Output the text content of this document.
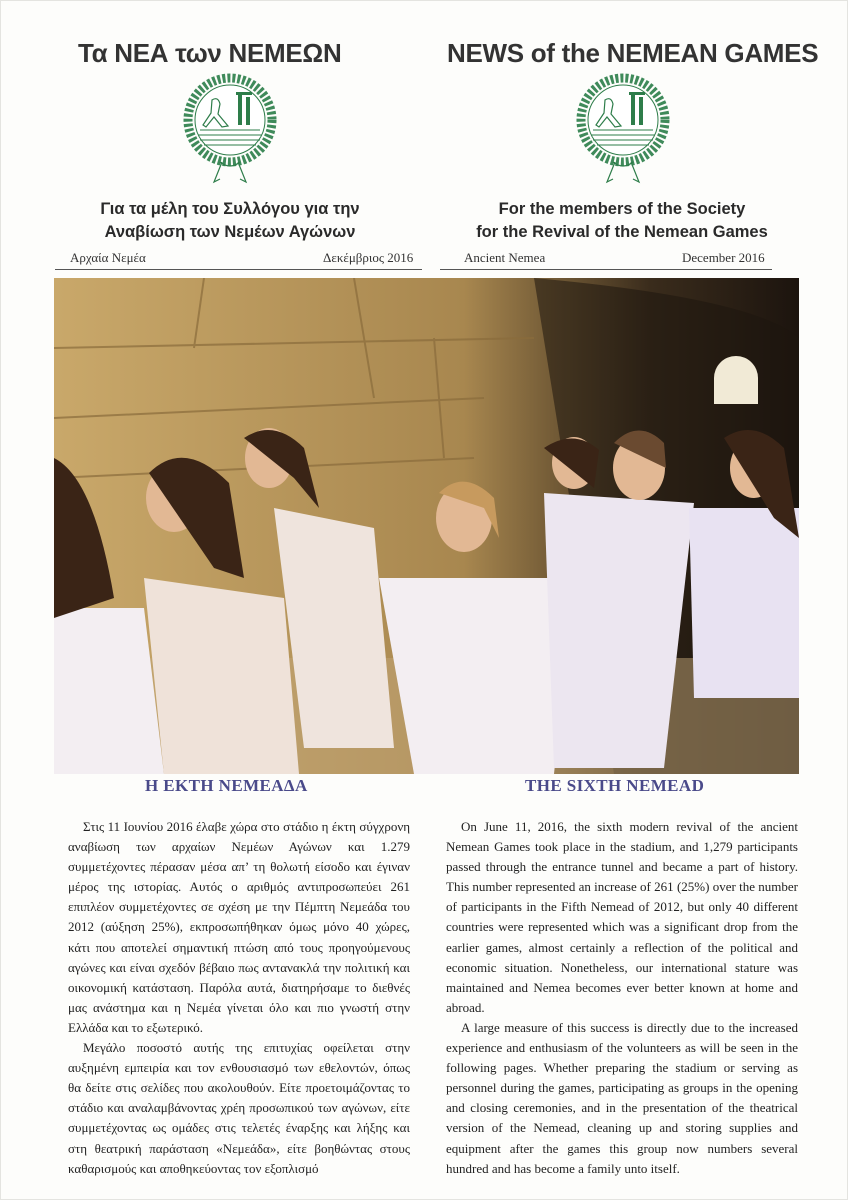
Τα ΝΕΑ των ΝΕΜΕΩΝ	NEWS of the NEMEAN GAMES
Για τα μέλη του Συλλόγου για την
Αναβίωση των Νεμέων Αγώνων
For the members of the Society
for the Revival of the Nemean Games
Αρχαία Νεμέα	Δεκέμβριος 2016	Ancient Nemea	December 2016
Η ΕΚΤΗ ΝΕΜΕΑΔΑ	THE SIXTH NEMEAD

Στις 11 Ιουνίου 2016 έλαβε χώρα στο στάδιο η έκτη σύγχρονη αναβίωση των αρχαίων Νεμέων Αγώνων και 1.279 συμμετέχοντες πέρασαν μέσα απ’ τη θολωτή είσοδο και έγιναν μέρος της ιστορίας. Αυτός ο αριθμός αντιπροσωπεύει 261 επιπλέον συμμετέχοντες σε σχέση με την Πέμπτη Νεμεάδα του 2012 (αύξηση 25%), εκπροσωπήθηκαν όμως μόνο 40 χώρες, κάτι που αποτελεί σημαντική πτώση από τους προηγούμενους αγώνες και είναι σχεδόν βέβαιο πως αντανακλά την πολιτική και οικονομική κατάσταση. Παρόλα αυτά, διατηρήσαμε το διεθνές μας ανάστημα και η Νεμέα γίνεται όλο και πιο γνωστή στην Ελλάδα και το εξωτερικό.

Μεγάλο ποσοστό αυτής της επιτυχίας οφείλεται στην αυξημένη εμπειρία και τον ενθουσιασμό των εθελοντών, όπως θα δείτε στις σελίδες που ακολουθούν. Είτε προετοιμάζοντας το στάδιο και αναλαμβάνοντας χρέη προσωπικού των αγώνων, είτε συμμετέχοντας ως ομάδες στις τελετές έναρξης και λήξης και στη θεατρική παράσταση «Νεμεάδα», είτε βοηθώντας στους καθαρισμούς και αποθηκεύοντας τον εξοπλισμό

On June 11, 2016, the sixth modern revival of the ancient Nemean Games took place in the stadium, and 1,279 participants passed through the entrance tunnel and became a part of history. This number represented an increase of 261 (25%) over the number of participants in the Fifth Nemead of 2012, but only 40 different countries were represented which was a significant drop from the earlier games, almost certainly a reflection of the political and economic situation. Nonetheless, our international stature was maintained and Nemea becomes ever better known at home and abroad.

A large measure of this success is directly due to the increased experience and enthusiasm of the volunteers as will be seen in the following pages. Whether preparing the stadium or serving as personnel during the games, participating as groups in the opening and closing ceremonies, and in the presentation of the theatrical version of the Nemead, cleaning up and storing supplies and equipment after the games this group now numbers several hundred and has become a family unto itself.
